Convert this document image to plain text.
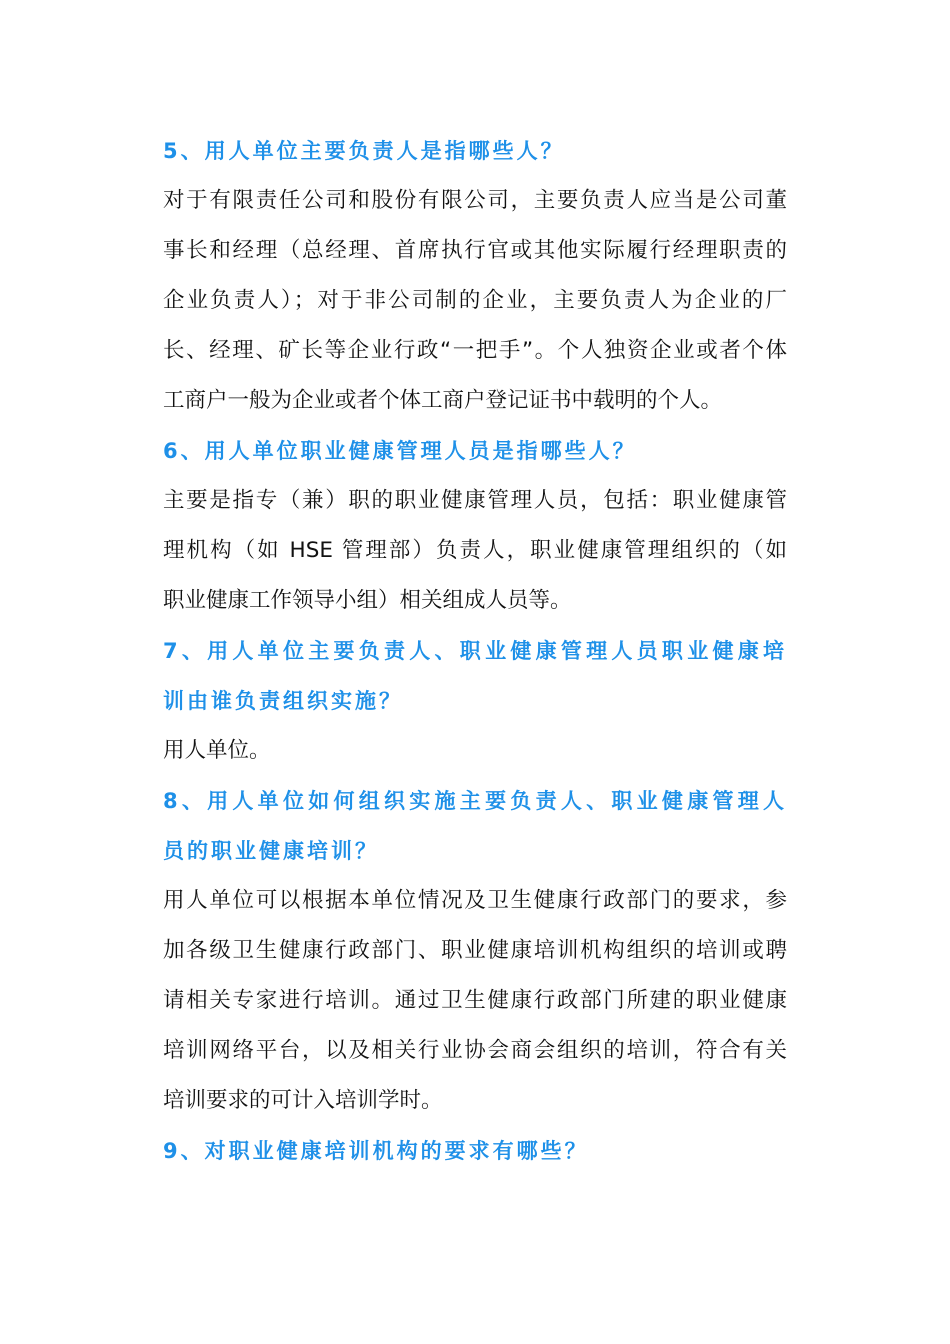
5、用人单位主要负责人是指哪些人？

对于有限责任公司和股份有限公司，主要负责人应当是公司董
事长和经理（总经理、首席执行官或其他实际履行经理职责的
企业负责人）；对于非公司制的企业，主要负责人为企业的厂
长、经理、矿长等企业行政“一把手”。个人独资企业或者个体
工商户一般为企业或者个体工商户登记证书中载明的个人。

6、用人单位职业健康管理人员是指哪些人？

主要是指专（兼）职的职业健康管理人员，包括：职业健康管
理机构（如 HSE 管理部）负责人，职业健康管理组织的（如
职业健康工作领导小组）相关组成人员等。

7、用人单位主要负责人、职业健康管理人员职业健康培
训由谁负责组织实施？

用人单位。

8、用人单位如何组织实施主要负责人、职业健康管理人
员的职业健康培训？

用人单位可以根据本单位情况及卫生健康行政部门的要求，参
加各级卫生健康行政部门、职业健康培训机构组织的培训或聘
请相关专家进行培训。通过卫生健康行政部门所建的职业健康
培训网络平台，以及相关行业协会商会组织的培训，符合有关
培训要求的可计入培训学时。

9、对职业健康培训机构的要求有哪些？
